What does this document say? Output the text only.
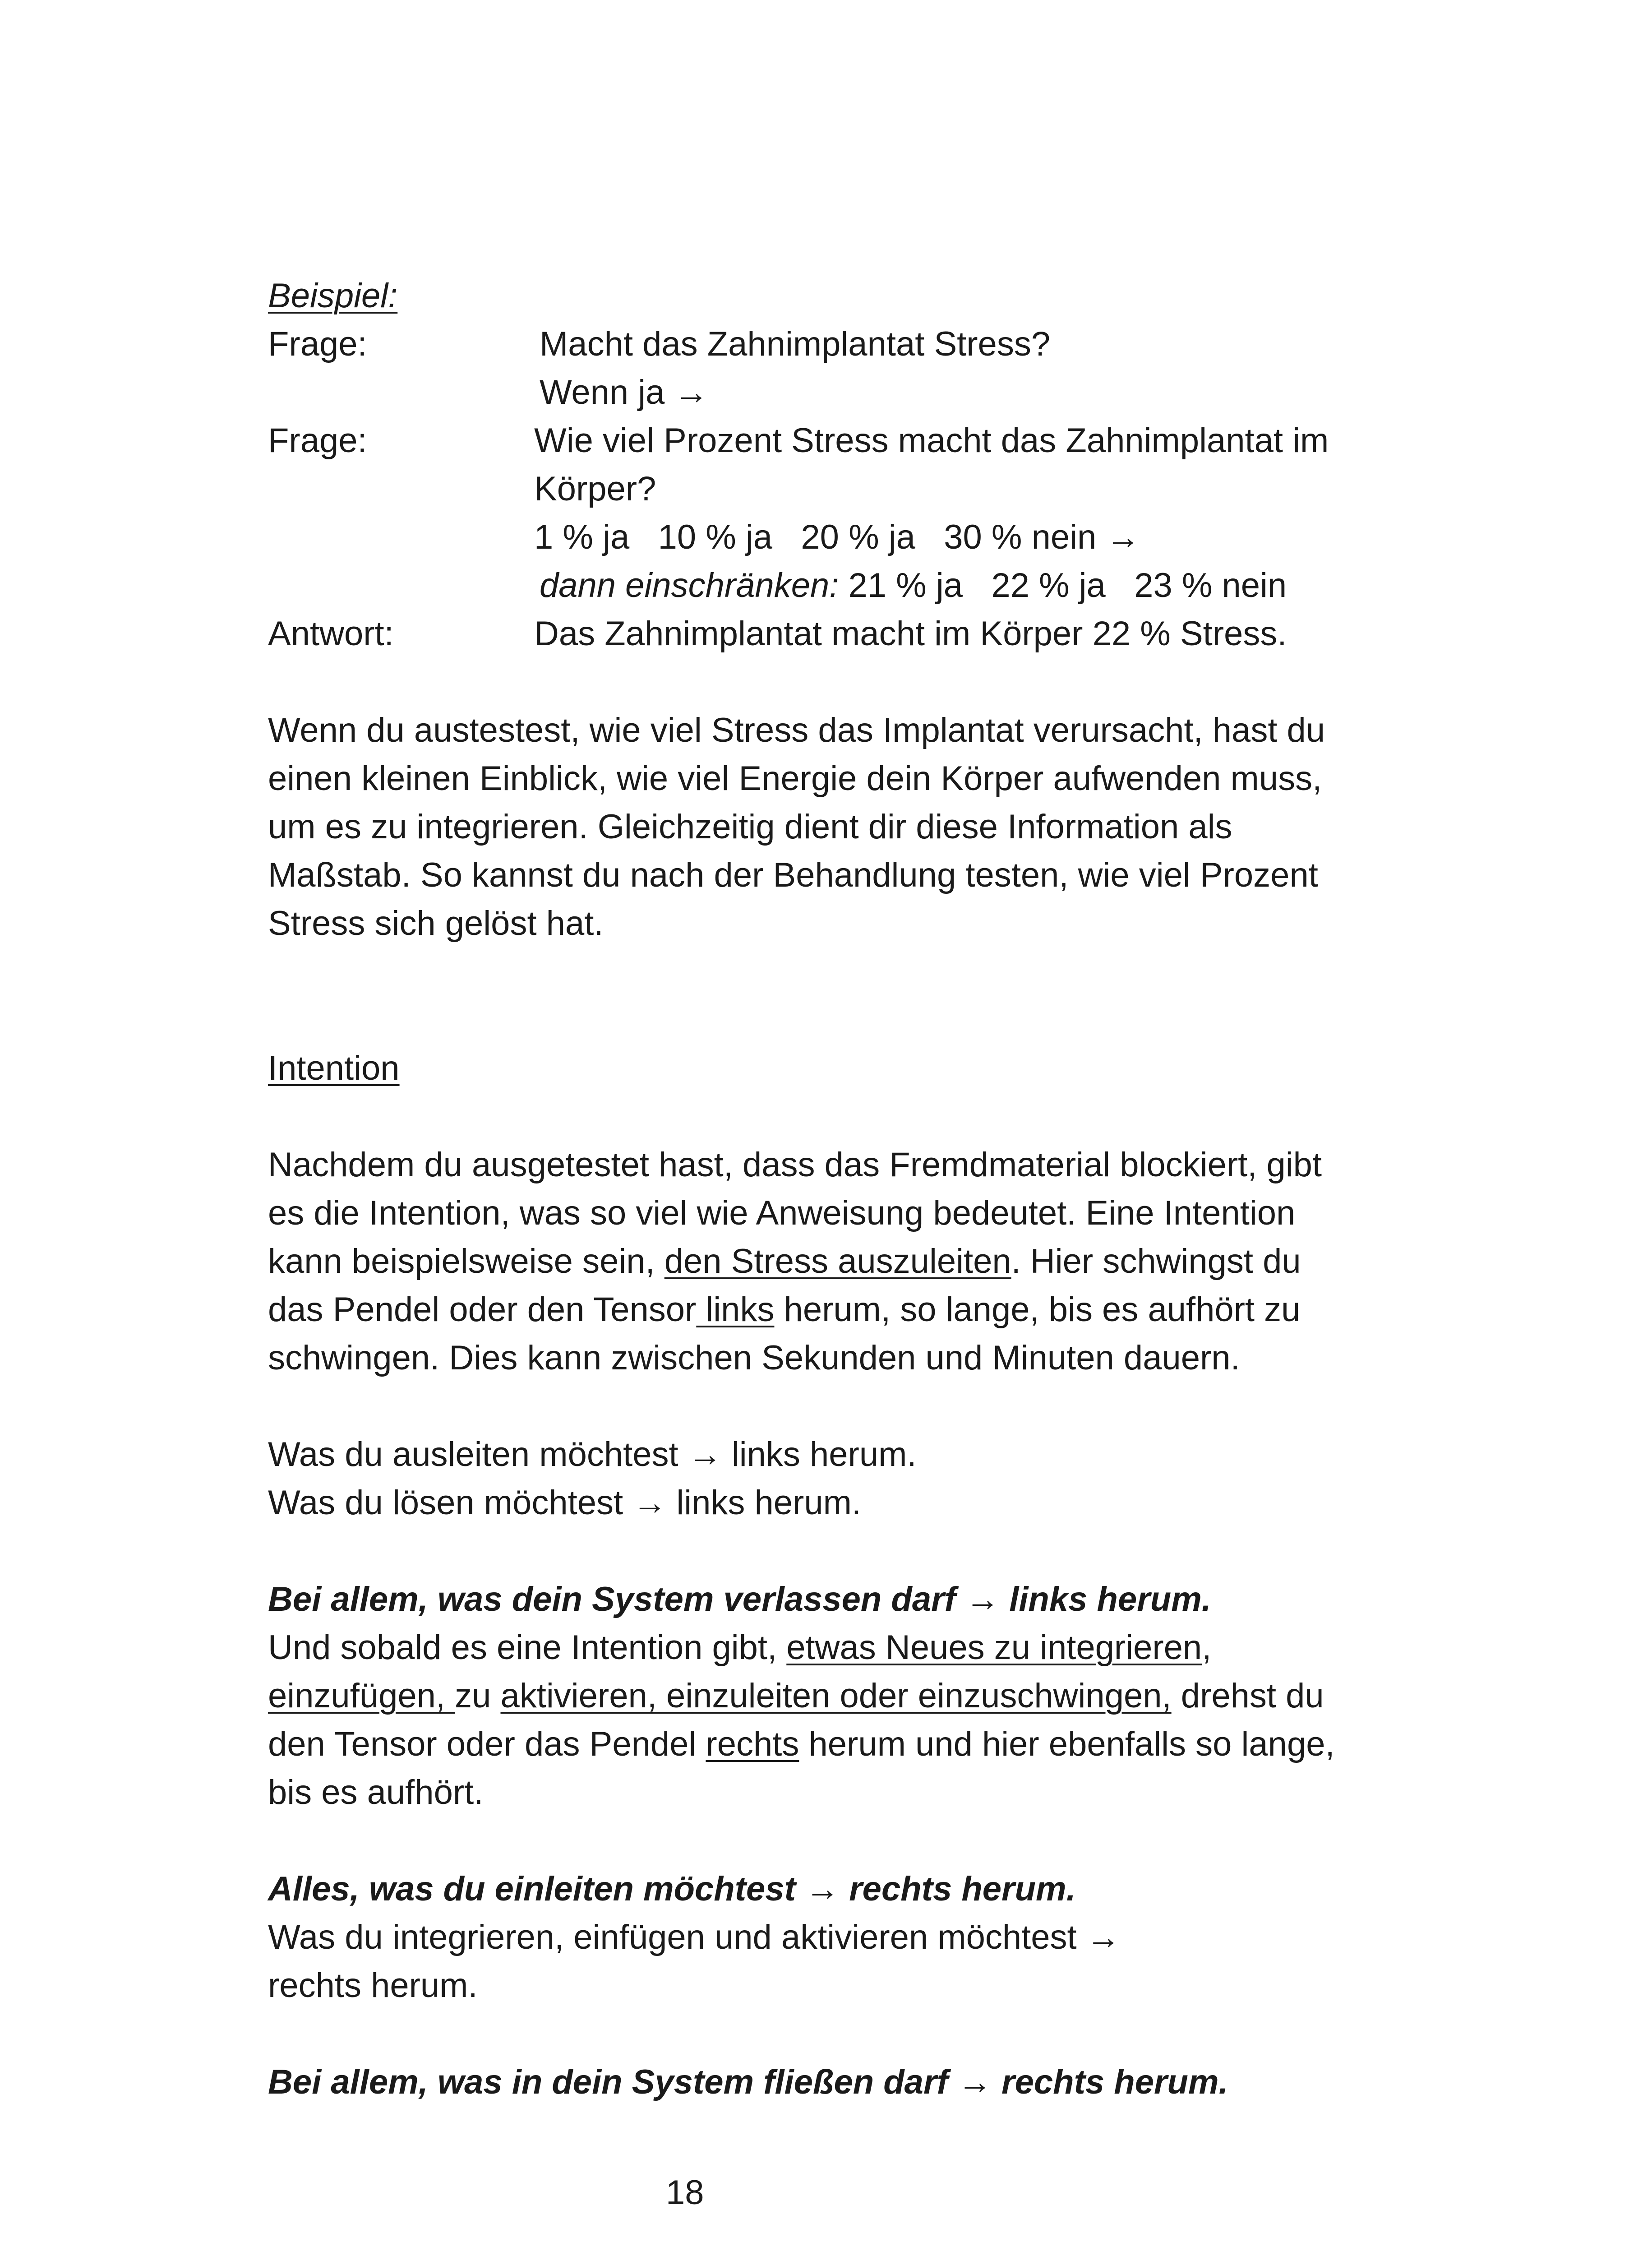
Beispiel:
Frage:	Macht das Zahnimplantat Stress?
Wenn ja →
Frage:	Wie viel Prozent Stress macht das Zahnimplantat im
Körper?
1 % ja   10 % ja   20 % ja   30 % nein →
dann einschränken: 21 % ja   22 % ja   23 % nein
Antwort:	Das Zahnimplantat macht im Körper 22 % Stress.

Wenn du austestest, wie viel Stress das Implantat verursacht, hast du

einen kleinen Einblick, wie viel Energie dein Körper aufwenden muss,

um es zu integrieren. Gleichzeitig dient dir diese Information als

Maßstab. So kannst du nach der Behandlung testen, wie viel Prozent

Stress sich gelöst hat.

Intention

Nachdem du ausgetestet hast, dass das Fremdmaterial blockiert, gibt

es die Intention, was so viel wie Anweisung bedeutet. Eine Intention

kann beispielsweise sein, den Stress auszuleiten. Hier schwingst du

das Pendel oder den Tensor links herum, so lange, bis es aufhört zu

schwingen. Dies kann zwischen Sekunden und Minuten dauern.

Was du ausleiten möchtest → links herum.
Was du lösen möchtest → links herum.
Bei allem, was dein System verlassen darf → links herum.

Und sobald es eine Intention gibt, etwas Neues zu integrieren,

einzufügen, zu aktivieren, einzuleiten oder einzuschwingen, drehst du

den Tensor oder das Pendel rechts herum und hier ebenfalls so lange,

bis es aufhört.

Alles, was du einleiten möchtest → rechts herum.
Was du integrieren, einfügen und aktivieren möchtest →
rechts herum.
Bei allem, was in dein System fließen darf → rechts herum.
18
